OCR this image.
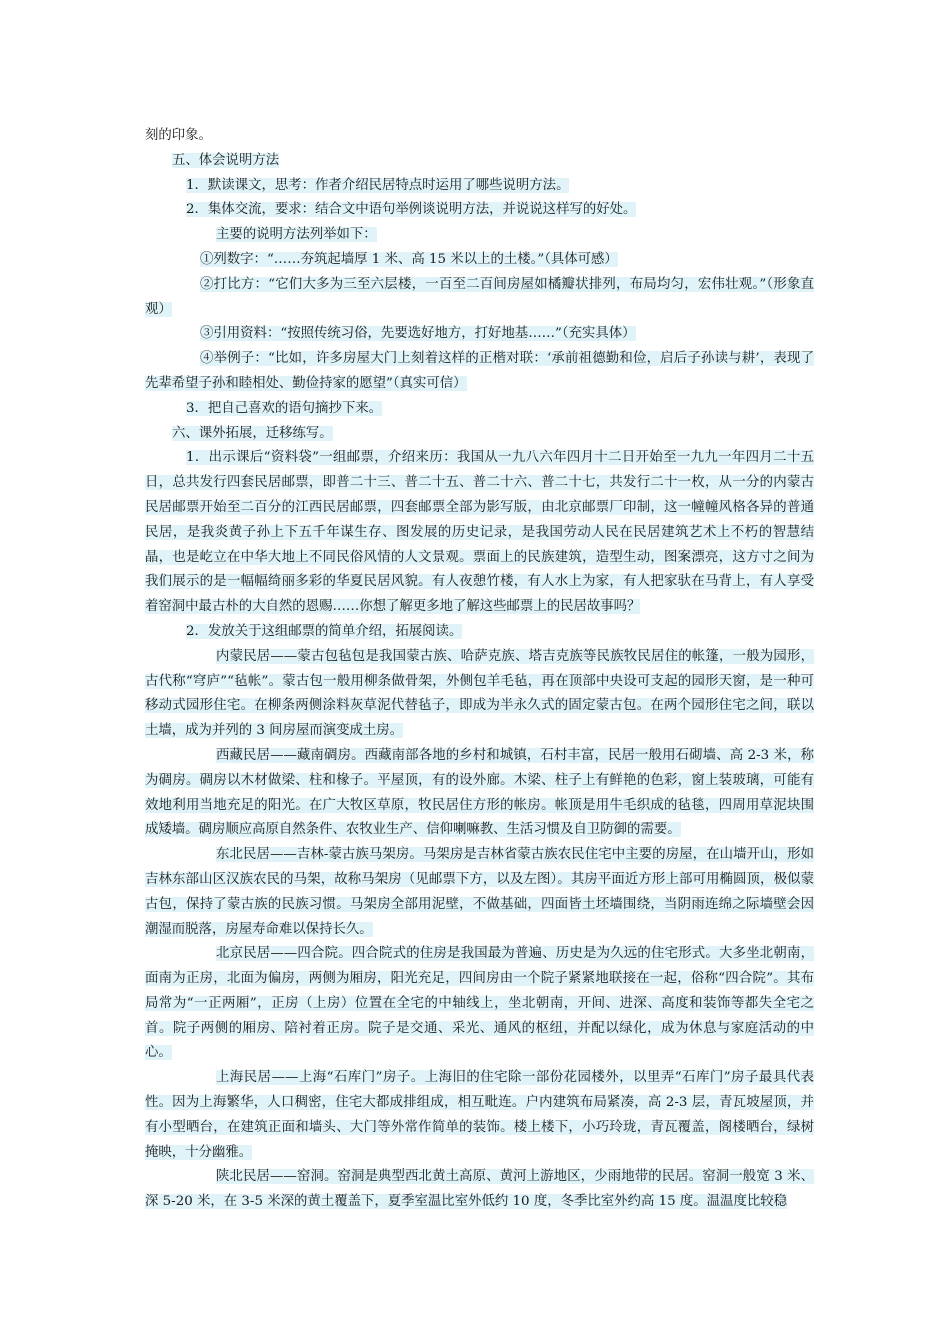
刻的印象。

五、体会说明方法

1．默读课文，思考：作者介绍民居特点时运用了哪些说明方法。

2．集体交流，要求：结合文中语句举例谈说明方法，并说说这样写的好处。

主要的说明方法列举如下：

①列数字：“……夯筑起墙厚 1 米、高 15 米以上的土楼。”（具体可感）

②打比方：“它们大多为三至六层楼，一百至二百间房屋如橘瓣状排列，布局均匀，宏伟壮观。”（形象直观）

③引用资料：“按照传统习俗，先要选好地方，打好地基……”（充实具体）

④举例子：“比如，许多房屋大门上刻着这样的正楷对联：‘承前祖德勤和俭，启后子孙读与耕’，表现了先辈希望子孙和睦相处、勤俭持家的愿望”（真实可信）

3．把自己喜欢的语句摘抄下来。

六、课外拓展，迁移练写。

1．出示课后“资料袋”一组邮票，介绍来历：我国从一九八六年四月十二日开始至一九九一年四月二十五日，总共发行四套民居邮票，即普二十三、普二十五、普二十六、普二十七，共发行二十一枚，从一分的内蒙古民居邮票开始至二百分的江西民居邮票，四套邮票全部为影写版，由北京邮票厂印制，这一幢幢风格各异的普通民居，是我炎黄子孙上下五千年谋生存、图发展的历史记录，是我国劳动人民在民居建筑艺术上不朽的智慧结晶，也是屹立在中华大地上不同民俗风情的人文景观。票面上的民族建筑，造型生动，图案漂亮，这方寸之间为我们展示的是一幅幅绮丽多彩的华夏民居风貌。有人夜憩竹楼，有人水上为家，有人把家驮在马背上，有人享受着窑洞中最古朴的大自然的恩赐……你想了解更多地了解这些邮票上的民居故事吗？

2．发放关于这组邮票的简单介绍，拓展阅读。

内蒙民居——蒙古包毡包是我国蒙古族、哈萨克族、塔吉克族等民族牧民居住的帐篷，一般为园形，古代称“穹庐”“毡帐”。蒙古包一般用柳条做骨架，外侧包羊毛毡，再在顶部中央设可支起的园形天窗，是一种可移动式园形住宅。在柳条两侧涂料灰草泥代替毡子，即成为半永久式的固定蒙古包。在两个园形住宅之间，联以土墙，成为并列的 3 间房屋而演变成土房。

西藏民居——藏南碉房。西藏南部各地的乡村和城镇，石村丰富，民居一般用石砌墙、高 2-3 米，称为碉房。碉房以木材做梁、柱和椽子。平屋顶，有的设外廊。木梁、柱子上有鲜艳的色彩，窗上装玻璃，可能有效地利用当地充足的阳光。在广大牧区草原，牧民居住方形的帐房。帐顶是用牛毛织成的毡毯，四周用草泥块围成矮墙。碉房顺应高原自然条件、农牧业生产、信仰喇嘛教、生活习惯及自卫防御的需要。

东北民居——吉林-蒙古族马架房。马架房是吉林省蒙古族农民住宅中主要的房屋，在山墙开山，形如吉林东部山区汉族农民的马架，故称马架房（见邮票下方，以及左图）。其房平面近方形上部可用椭圆顶，极似蒙古包，保持了蒙古族的民族习惯。马架房全部用泥壁，不做基础，四面皆土坯墙围绕，当阴雨连绵之际墙壁会因潮湿而脱落，房屋寿命难以保持长久。

北京民居——四合院。四合院式的住房是我国最为普遍、历史是为久远的住宅形式。大多坐北朝南，面南为正房，北面为偏房，两侧为厢房，阳光充足，四间房由一个院子紧紧地联接在一起，俗称“四合院”。其布局常为“一正两厢”，正房（上房）位置在全宅的中轴线上，坐北朝南，开间、进深、高度和装饰等都失全宅之首。院子两侧的厢房、陪衬着正房。院子是交通、采光、通风的枢纽，并配以绿化，成为休息与家庭活动的中心。

上海民居——上海“石库门”房子。上海旧的住宅除一部份花园楼外，以里弄“石库门”房子最具代表性。因为上海繁华，人口稠密，住宅大都成排组成，相互毗连。户内建筑布局紧凑，高 2-3 层，青瓦坡屋顶，并有小型晒台，在建筑正面和墙头、大门等外常作简单的装饰。楼上楼下，小巧玲珑，青瓦覆盖，阁楼晒台，绿树掩映，十分幽雅。

陕北民居——窑洞。窑洞是典型西北黄土高原、黄河上游地区，少雨地带的民居。窑洞一般宽 3 米、深 5-20 米，在 3-5 米深的黄土覆盖下，夏季室温比室外低约 10 度，冬季比室外约高 15 度。温温度比较稳
